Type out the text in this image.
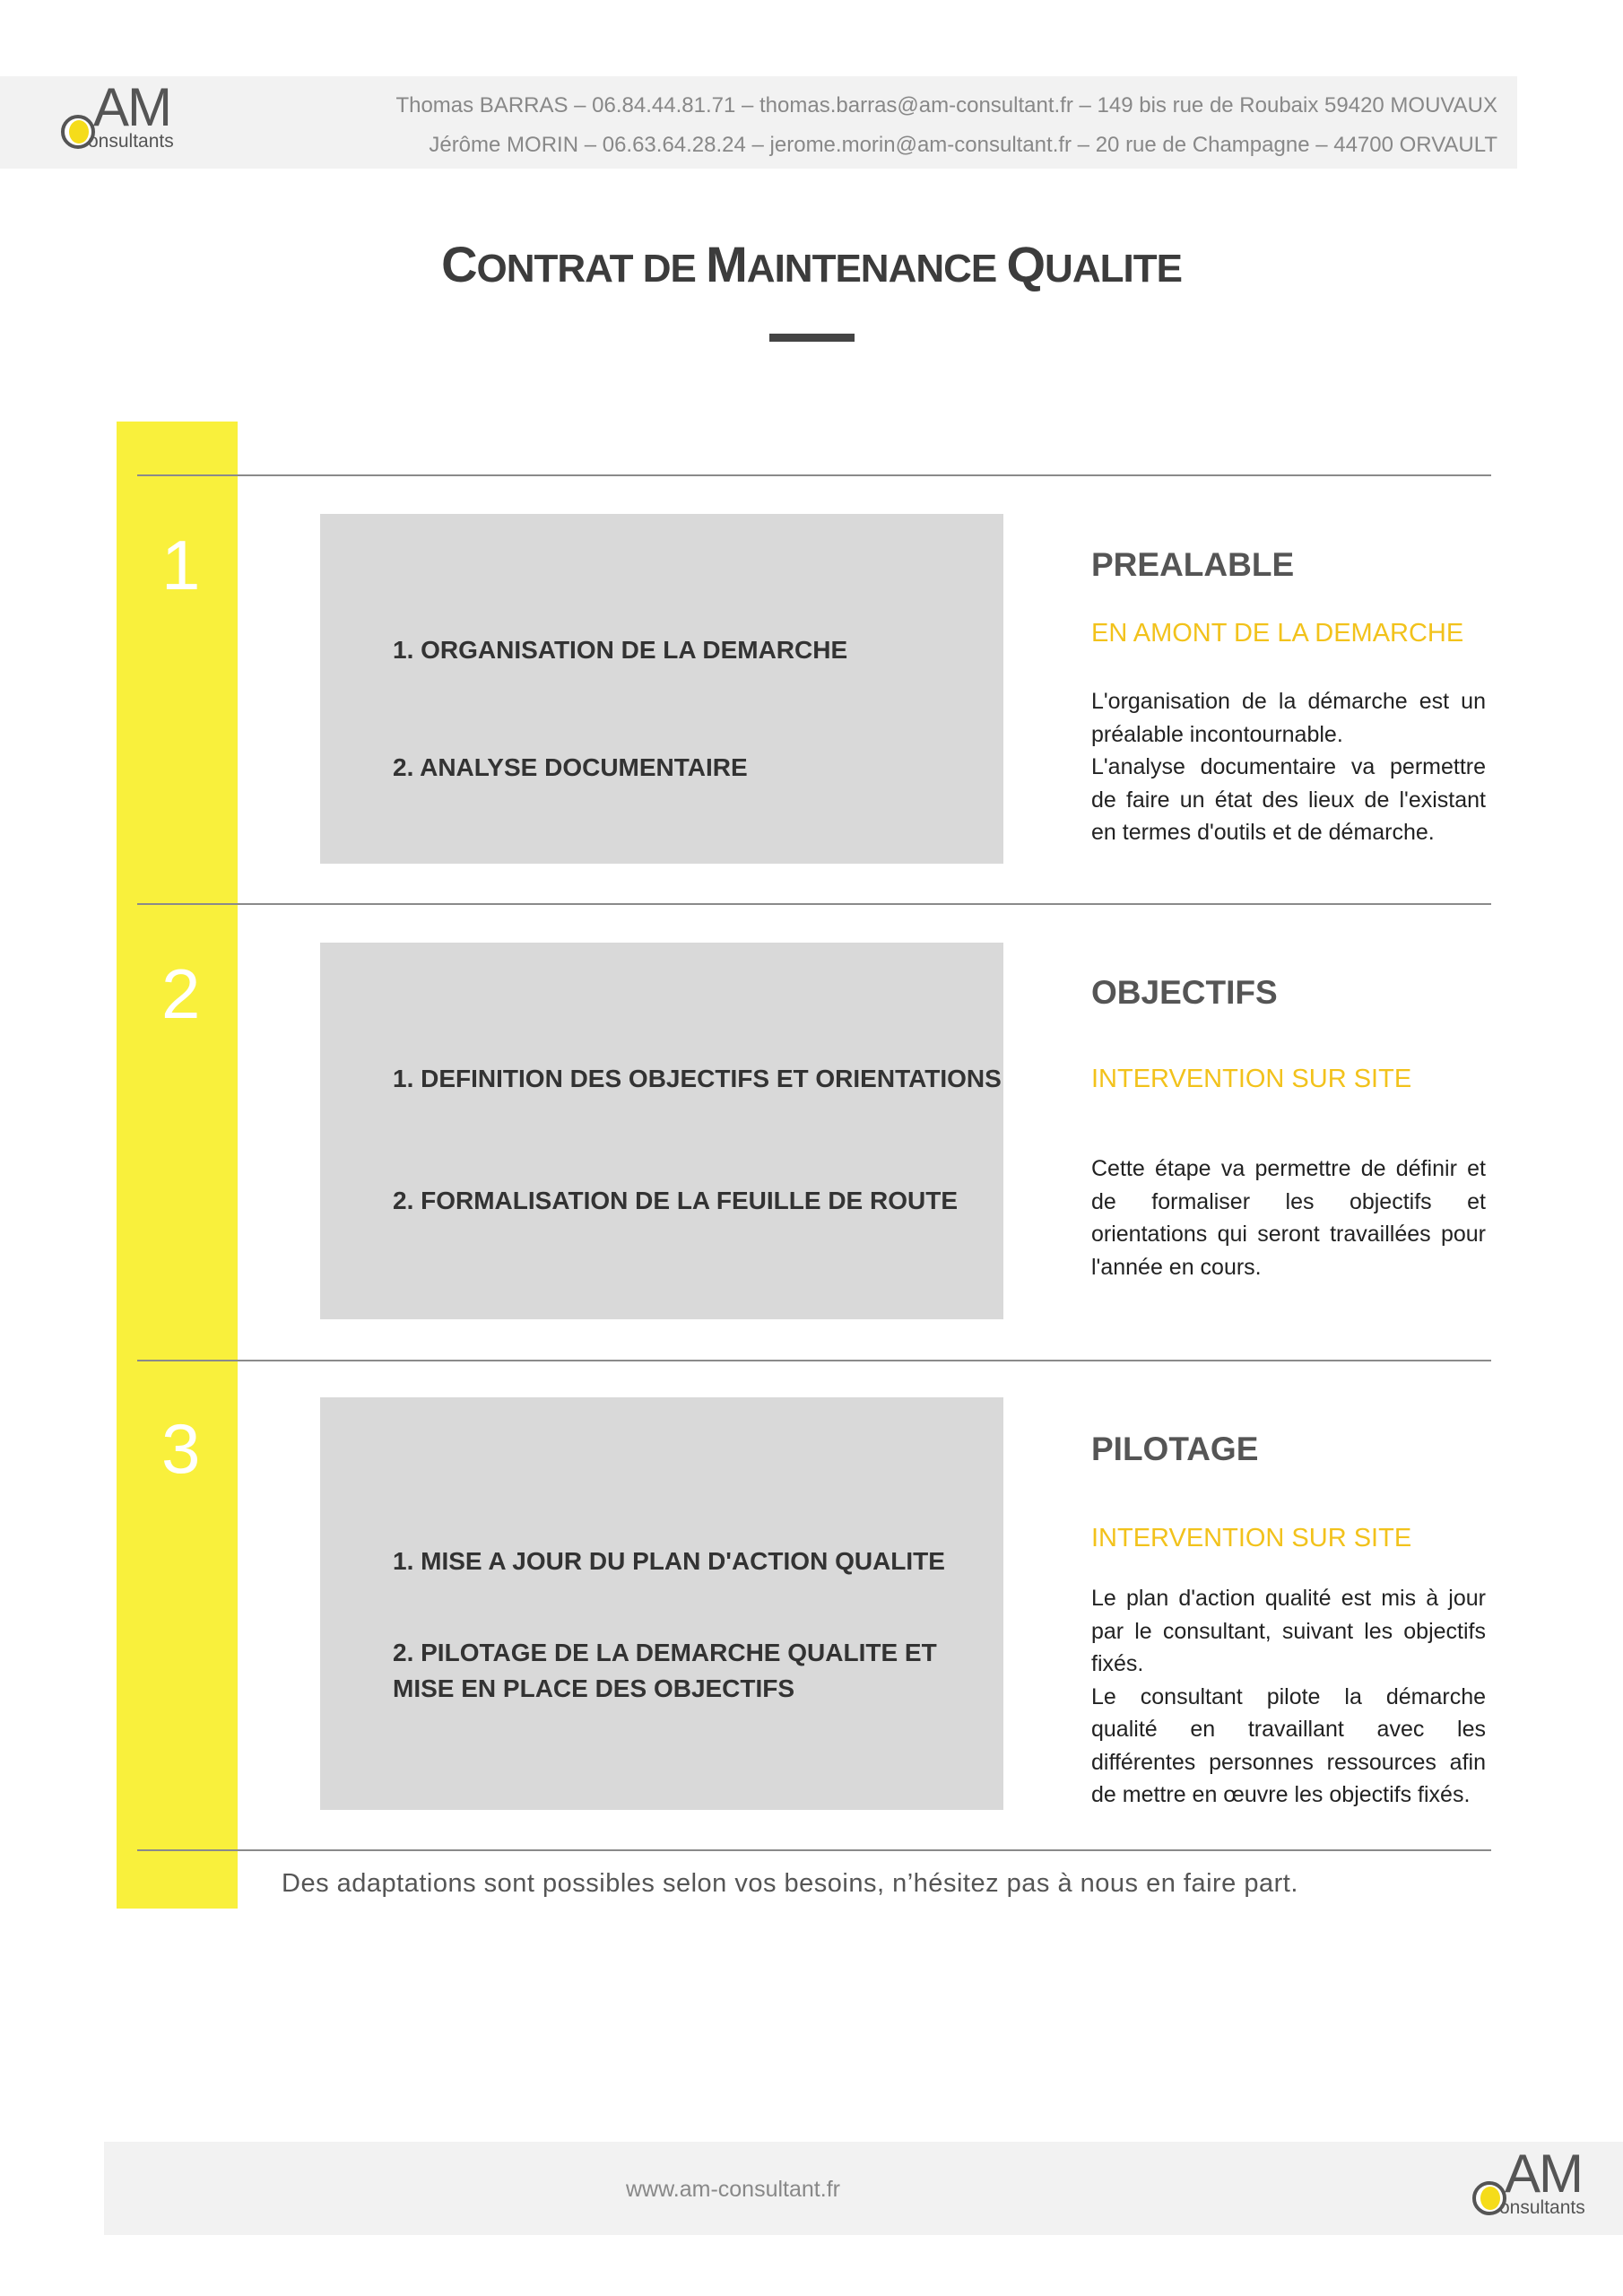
AM
onsultants
Thomas BARRAS – 06.84.44.81.71 – thomas.barras@am-consultant.fr – 149 bis rue de Roubaix 59420 MOUVAUX
Jérôme MORIN – 06.63.64.28.24 – jerome.morin@am-consultant.fr – 20 rue de Champagne – 44700 ORVAULT
CONTRAT DE MAINTENANCE QUALITE
1
1. ORGANISATION DE LA DEMARCHE
2. ANALYSE DOCUMENTAIRE
PREALABLE
EN AMONT DE LA DEMARCHE
L'organisation de la démarche est un préalable incontournable.
L'analyse documentaire va permettre de faire un état des lieux de l'existant en termes d'outils et de démarche.
2
1. DEFINITION DES OBJECTIFS ET ORIENTATIONS
2. FORMALISATION DE LA FEUILLE DE ROUTE
OBJECTIFS
INTERVENTION SUR SITE
Cette étape va permettre de définir et de formaliser les objectifs et orientations qui seront travaillées pour l'année en cours.
3
1. MISE A JOUR DU PLAN D'ACTION QUALITE
2. PILOTAGE DE LA DEMARCHE QUALITE ET MISE EN PLACE DES OBJECTIFS
PILOTAGE
INTERVENTION SUR SITE
Le plan d'action qualité est mis à jour par le consultant, suivant les objectifs fixés.
Le consultant pilote la démarche qualité en travaillant avec les différentes personnes ressources afin de mettre en œuvre les objectifs fixés.
Des adaptations sont possibles selon vos besoins, n’hésitez pas à nous en faire part.
www.am-consultant.fr	AM
onsultants
